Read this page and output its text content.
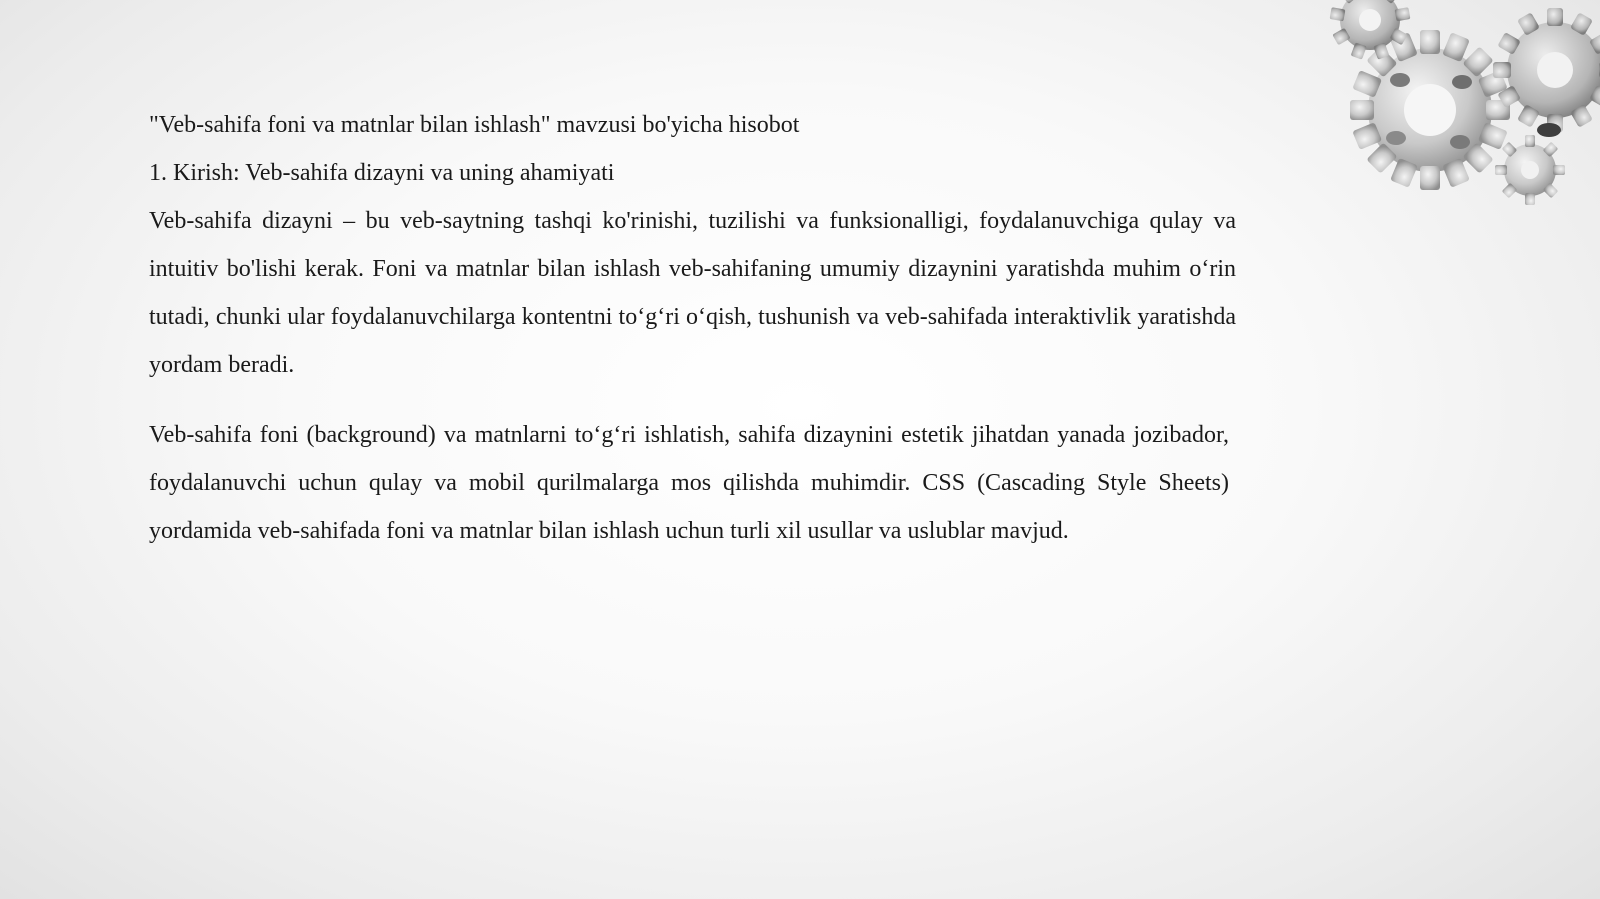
"Veb-sahifa foni va matnlar bilan ishlash" mavzusi bo'yicha hisobot

1. Kirish: Veb-sahifa dizayni va uning ahamiyati

Veb-sahifa dizayni – bu veb-saytning tashqi ko'rinishi, tuzilishi va funksionalligi, foydalanuvchiga qulay va intuitiv bo'lishi kerak. Foni va matnlar bilan ishlash veb-sahifaning umumiy dizaynini yaratishda muhim o‘rin tutadi, chunki ular foydalanuvchilarga kontentni to‘g‘ri o‘qish, tushunish va veb-sahifada interaktivlik yaratishda yordam beradi.

Veb-sahifa foni (background) va matnlarni to‘g‘ri ishlatish, sahifa dizaynini estetik jihatdan yanada jozibador, foydalanuvchi uchun qulay va mobil qurilmalarga mos qilishda muhimdir. CSS (Cascading Style Sheets) yordamida veb-sahifada foni va matnlar bilan ishlash uchun turli xil usullar va uslublar mavjud.
